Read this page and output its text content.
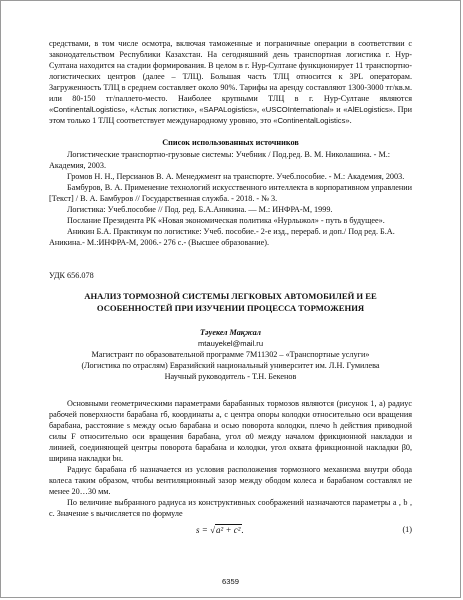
средствами, в том числе осмотра, включая таможенные и пограничные операции в соответствии с законодательством Республики Казахстан. На сегодняшний день транспортная логистика г. Нур-Султана находится на стадии формирования. В целом в г. Нур-Султане функционирует 11 транспортно-логистических центров (далее – ТЛЦ). Большая часть ТЛЦ относится к 3PL операторам. Загруженность ТЛЦ в среднем составляет около 90%. Тарифы на аренду составляют 1300-3000 тг/кв.м. или 80-150 тг/паллето-место. Наиболее крупными ТЛЦ в г. Нур-Султане являются «ContinentalLogistics», «Астык логистик», «SAPALogistics», «USCOInternational» и «AlELogistics». При этом только 1 ТЛЦ соответствует международному уровню, это «ContinentalLogistics».

Список использованных источников

Логистические транспортно-грузовые системы: Учебник / Под.ред. В. М. Николашина. - М.: Академия, 2003.

Громов Н. Н., Персианов В. А. Менеджмент на транспорте. Учеб.пособие. - М.: Академия, 2003.

Бамбуров, В. А. Применение технологий искусственного интеллекта в корпоративном управлении [Текст] / В. А. Бамбуров // Государственная служба. - 2018. - № 3.

Логистика: Учеб.пособие // Под. ред. Б.А.Аникина. — М.: ИНФРА-М, 1999.

Послание Президента РК «Новая экономическая политика «Нурлыжол» - путь в будущее».

Аникин Б.А. Практикум по логистике: Учеб. пособие.- 2-е изд., перераб. и доп./ Под ред. Б.А. Аникина.- М.:ИНФРА-М, 2006.- 276 с.- (Высшее образование).

УДК 656.078
АНАЛИЗ ТОРМОЗНОЙ СИСТЕМЫ ЛЕГКОВЫХ АВТОМОБИЛЕЙ И ЕЕ
ОСОБЕННОСТЕЙ ПРИ ИЗУЧЕНИИ ПРОЦЕССА ТОРМОЖЕНИЯ
Тәуекел Мақжал
mtauyekel@mail.ru
Магистрант по образовательной программе 7М11302 – «Транспортные услуги»
(Логистика по отраслям) Евразийский национальный университет им. Л.Н. Гумилева
Научный руководитель - Т.Н. Бекенов

Основными геометрическими параметрами барабанных тормозов являются (рисунок 1, а) радиус рабочей поверхности барабана rб, координаты a, c центра опоры колодки относительно оси вращения барабана, расстояние s между осью барабана и осью поворота колодки, плечо h действия приводной силы F относительно оси вращения барабана, угол α0 между началом фрикционной накладки и линией, соединяющей центры поворота барабана и колодки, угол охвата фрикционной накладки β0, ширина накладки bн.

Радиус барабана rб назначается из условия расположения тормозного механизма внутри обода колеса таким образом, чтобы вентиляционный зазор между ободом колеса и барабаном составлял не менее 20…30 мм.

По величине выбранного радиуса из конструктивных соображений назначаются параметры a , b , c. Значение s вычисляется по формуле

s = √a² + c².	(1)
6359
